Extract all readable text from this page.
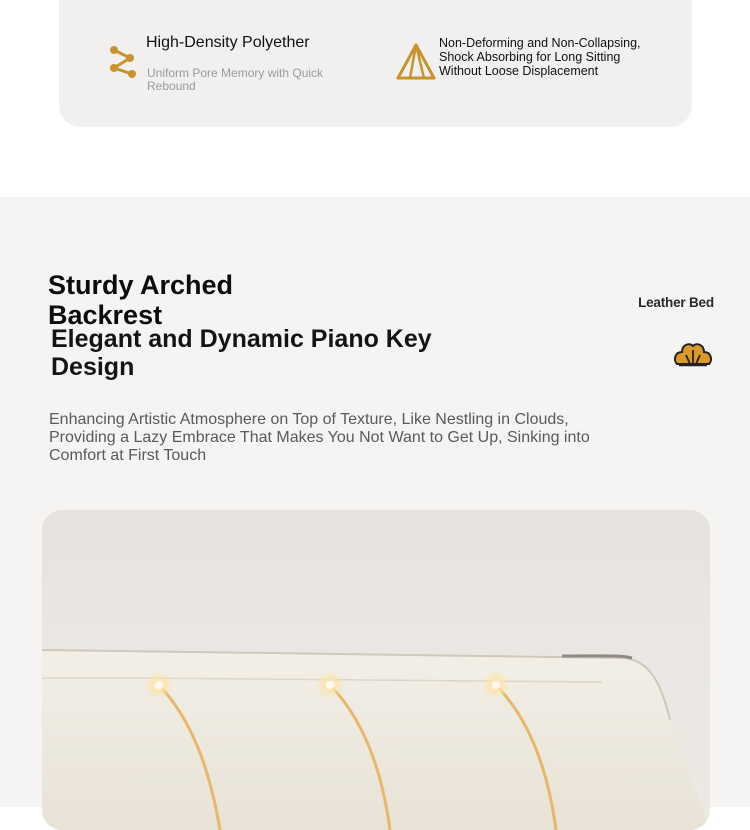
High-Density Polyether
Uniform Pore Memory with Quick Rebound
Non-Deforming and Non-Collapsing, Shock Absorbing for Long Sitting Without Loose Displacement
Sturdy Arched Backrest
Elegant and Dynamic Piano Key Design
Enhancing Artistic Atmosphere on Top of Texture, Like Nestling in Clouds, Providing a Lazy Embrace That Makes You Not Want to Get Up, Sinking into Comfort at First Touch
Leather Bed
